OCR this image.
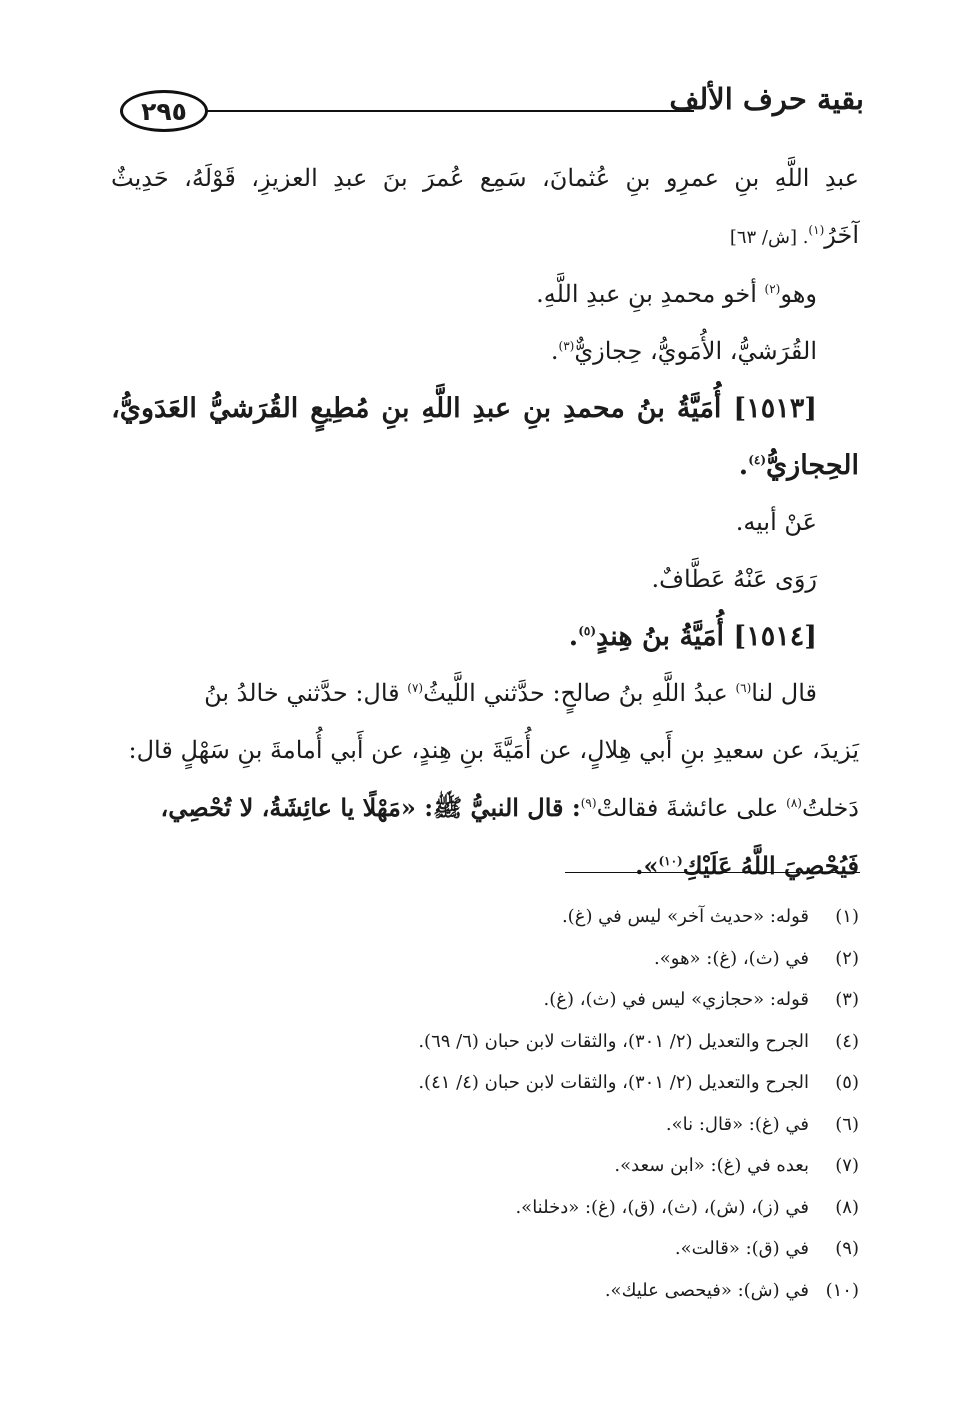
٢٩٥	بقية حرف الألف

عبدِ
اللَّهِ
بنِ
عمرِو
بنِ
عُثمانَ،
سَمِع
عُمرَ
بنَ
عبدِ
العزيزِ،
قَوْلَهُ،
حَدِيثٌ

آخَرُ$^{(١)}$. [ش/ ٦٣]

وهو$^{(٢)}$ أخو محمدِ بنِ عبدِ اللَّهِ.

القُرَشيُّ، الأُمَويُّ، حِجازيٌّ$^{(٣)}$.

[١٥١٣]
أُمَيَّةُ
بنُ
محمدِ
بنِ
عبدِ
اللَّهِ
بنِ
مُطِيعٍ
القُرَشيُّ
العَدَويُّ،

الحِجازيُّ$^{(٤)}$.

عَنْ أبيه.

رَوَى عَنْهُ عَطَّافٌ.

[١٥١٤] أُمَيَّةُ بنُ هِندٍ$^{(٥)}$.

قال لنا$^{(٦)}$ عبدُ اللَّهِ بنُ صالحٍ: حدَّثني اللَّيثُ$^{(٧)}$ قال: حدَّثني خالدُ بنُ

يَزيدَ، عن سعيدِ بنِ أَبي هِلالٍ، عن أُمَيَّةَ بنِ هِندٍ، عن أَبي أُمامةَ بنِ سَهْلٍ قال:

دَخلتُ$^{(٨)}$ على عائشةَ فقالتْ$^{(٩)}$: قال النبيُّ ﷺ: «مَهْلًا يا عائِشَةُ، لا تُحْصِي،

فَيُحْصِيَ اللَّهُ عَلَيْكِ$^{(١٠)}$».

(١)قوله: «حديث آخر» ليس في (غ).
(٢)في (ث)، (غ): «هو».
(٣)قوله: «حجازي» ليس في (ث)، (غ).
(٤)الجرح والتعديل (٢/ ٣٠١)، والثقات لابن حبان (٦/ ٦٩).
(٥)الجرح والتعديل (٢/ ٣٠١)، والثقات لابن حبان (٤/ ٤١).
(٦)في (غ): «قال: نا».
(٧)بعده في (غ): «ابن سعد».
(٨)في (ز)، (ش)، (ث)، (ق)، (غ): «دخلنا».
(٩)في (ق): «قالت».
(١٠)في (ش): «فيحصى عليك».
